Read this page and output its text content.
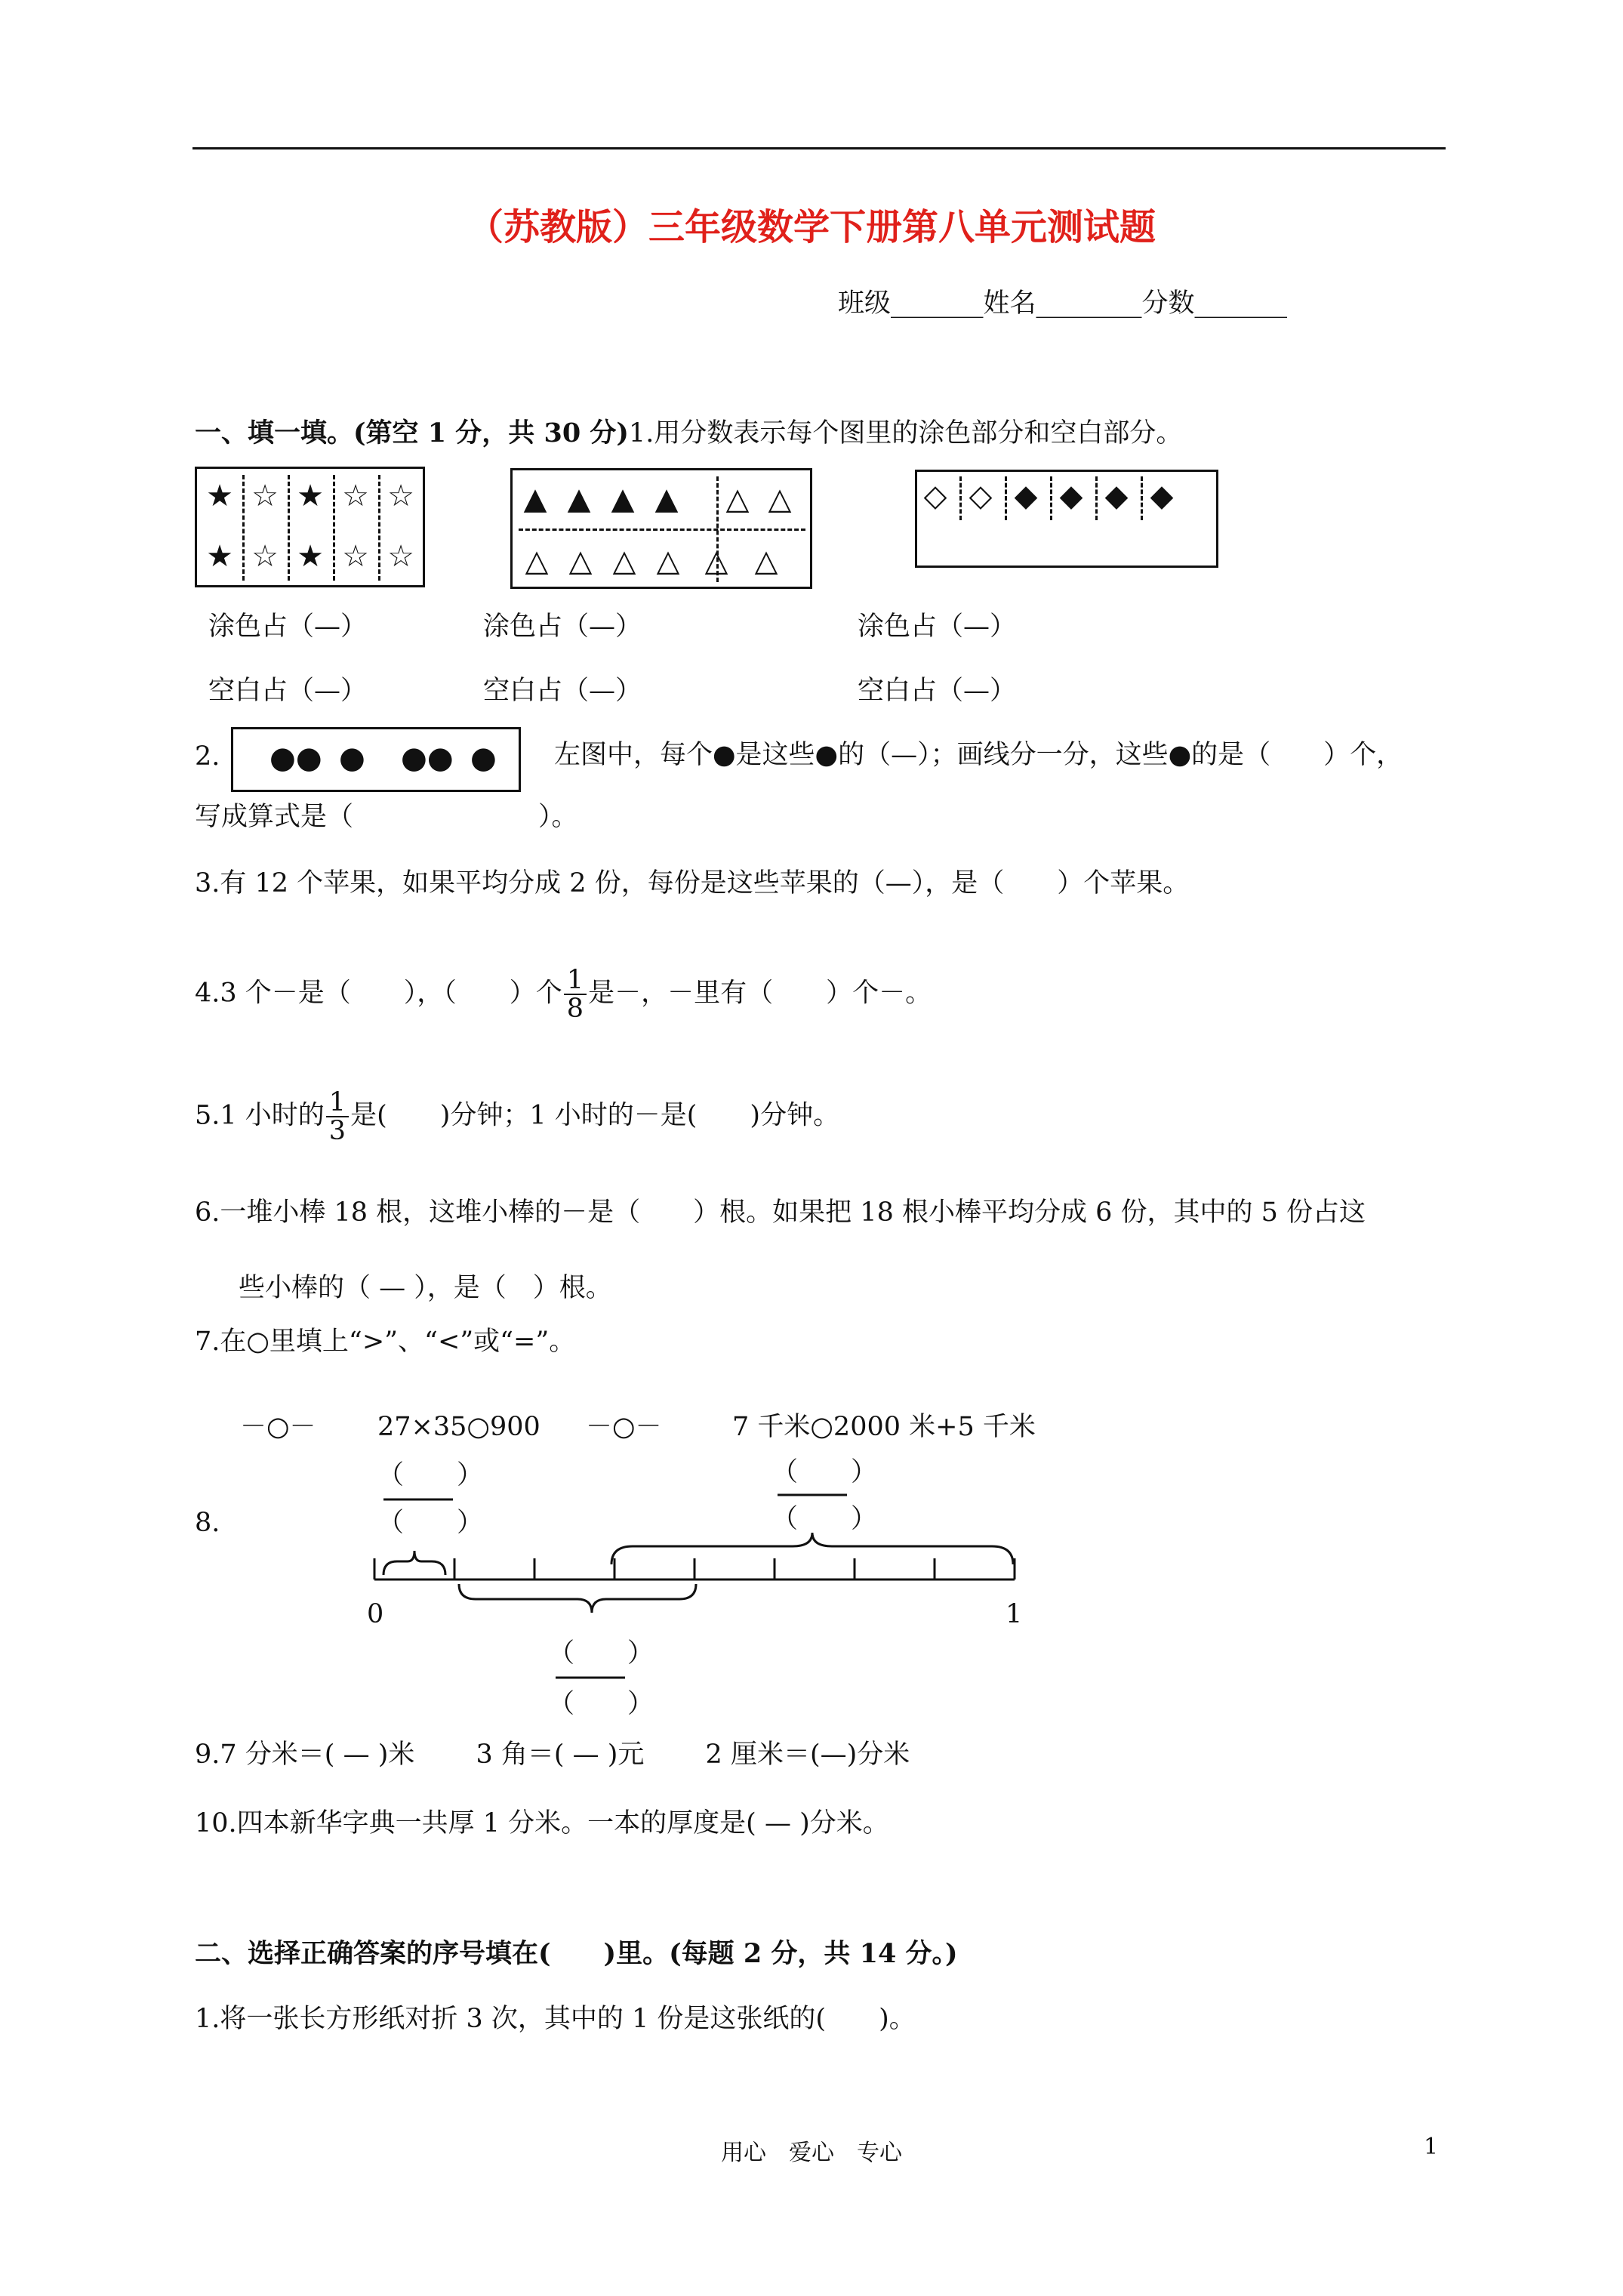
（苏教版）三年级数学下册第八单元测试题
班级_______姓名________分数_______
一、填一填。(第空 1 分，共 30 分)1.用分数表示每个图里的涂色部分和空白部分。
★ ☆ ★ ☆ ☆
★ ☆ ★ ☆ ☆
▲ ▲ ▲ ▲	△ △
△ △ △ △ △ △
◇ ◇ ◆ ◆ ◆ ◆
涂色占（—）	涂色占（—）	涂色占（—）
空白占（—）	空白占（—）	空白占（—）
2. ●● ● ●● ● 左图中，每个●是这些●的（—）；画线分一分，这些●的是（　　）个，
写成算式是（　　　　　　　）。
3.有 12 个苹果，如果平均分成 2 份，每份是这些苹果的（—），是（　　）个苹果。
4.3 个－是（　　），（　　）个 $\frac{1}{8}$ 是－，－里有（　　）个－。
5.1 小时的 $\frac{1}{3}$ 是(　　)分钟；1 小时的－是(　　)分钟。
6.一堆小棒 18 根，这堆小棒的－是（　　）根。如果把 18 根小棒平均分成 6 份，其中的 5 份占这
些小棒的（ — ），是（　）根。
7.在○里填上“>”、“<”或“=”。
－○－ 27×35○900 －○－	7 千米○2000 米+5 千米
8.
（　　）
（　　）
（　　）
（　　）
（　　）
（　　）
0	1
9.7 分米＝( — )米　　 3 角＝( — )元　　 2 厘米＝(—)分米
10.四本新华字典一共厚 1 分米。一本的厚度是( — )分米。
二、选择正确答案的序号填在(　　)里。(每题 2 分，共 14 分。)
1.将一张长方形纸对折 3 次，其中的 1 份是这张纸的(　　)。
用心　爱心　专心	1
